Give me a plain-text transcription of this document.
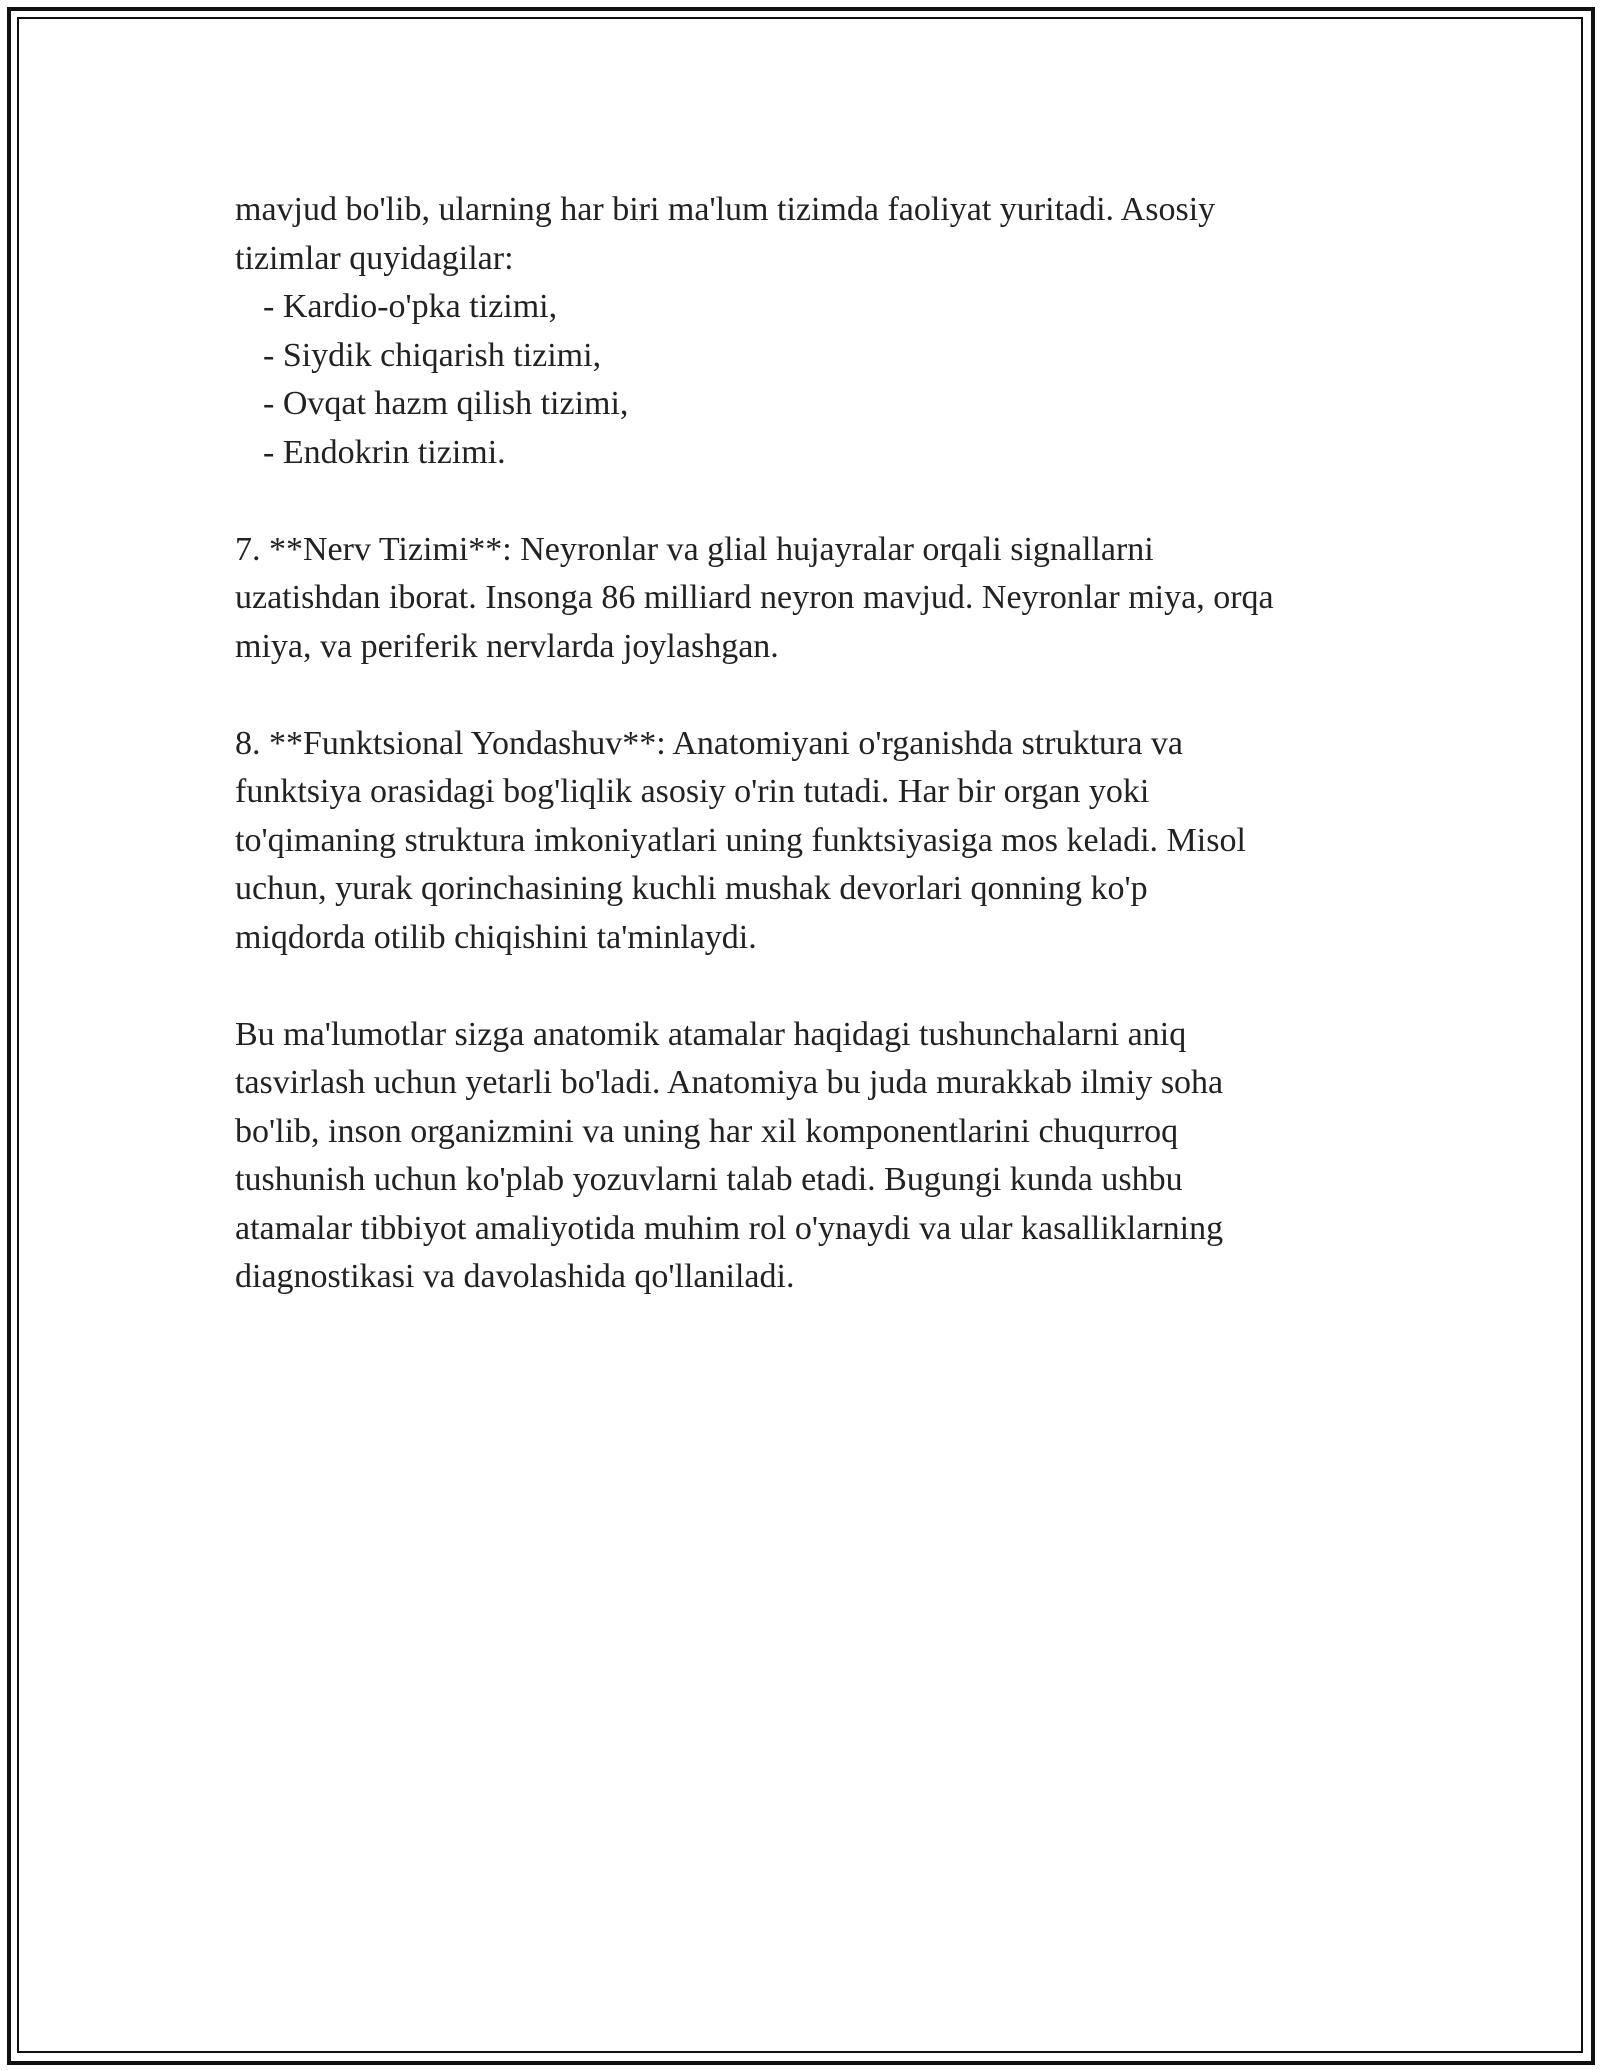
mavjud bo'lib, ularning har biri ma'lum tizimda faoliyat yuritadi. Asosiy
tizimlar quyidagilar:
- Kardio-o'pka tizimi,
- Siydik chiqarish tizimi,
- Ovqat hazm qilish tizimi,
- Endokrin tizimi.
7. **Nerv Tizimi**: Neyronlar va glial hujayralar orqali signallarni
uzatishdan iborat. Insonga 86 milliard neyron mavjud. Neyronlar miya, orqa
miya, va periferik nervlarda joylashgan.
8. **Funktsional Yondashuv**: Anatomiyani o'rganishda struktura va
funktsiya orasidagi bog'liqlik asosiy o'rin tutadi. Har bir organ yoki
to'qimaning struktura imkoniyatlari uning funktsiyasiga mos keladi. Misol
uchun, yurak qorinchasining kuchli mushak devorlari qonning ko'p
miqdorda otilib chiqishini ta'minlaydi.
Bu ma'lumotlar sizga anatomik atamalar haqidagi tushunchalarni aniq
tasvirlash uchun yetarli bo'ladi. Anatomiya bu juda murakkab ilmiy soha
bo'lib, inson organizmini va uning har xil komponentlarini chuqurroq
tushunish uchun ko'plab yozuvlarni talab etadi. Bugungi kunda ushbu
atamalar tibbiyot amaliyotida muhim rol o'ynaydi va ular kasalliklarning
diagnostikasi va davolashida qo'llaniladi.
